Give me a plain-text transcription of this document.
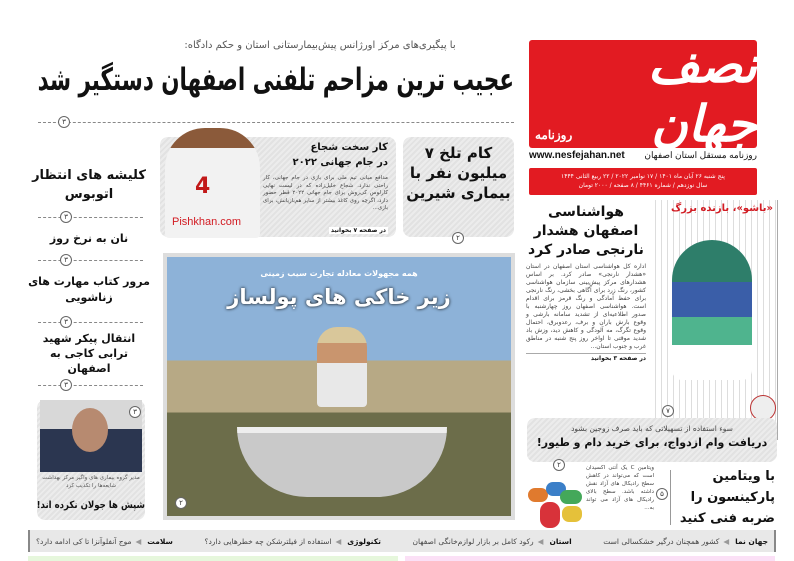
نصف جهان
روزنامه
روزنامه مستقل استان اصفهان
www.nesfejahan.net
پنج شنبه ۲۶ آبان ماه ۱۴۰۱ / ۱۷ نوامبر ۲۰۲۲ / ۲۲ ربیع الثانی ۱۴۴۴
سال نوزدهم / شماره ۴۴۶۱ / ۸ صفحه / ۲۰۰۰ تومان
با پیگیری‌های مرکز اورژانس پیش‌بیمارستانی استان و حکم دادگاه:
عجیب ترین مزاحم تلفنی اصفهان دستگیر شد
۳
کلیشه های انتظار اتوبوس
۳
نان به نرخ روز
۳
مرور کتاب مهارت های زناشویی
۳
انتقال پیکر شهید ترابی کاجی به اصفهان
۳
۳
مدیر گروه بیماری های واگیر مرکز بهداشت شایعه‌ها را تکذیب کرد
شپش ها جولان نکرده اند!
کار سخت شجاع
در جام جهانی ۲۰۲۲
مدافع میانی تیم ملی برای بازی در جام جهانی، کار راحتی ندارد. شجاع خلیل‌زاده که در لیست نهایی کارلوس کی‌روش برای جام جهانی ۲۰۲۲ قطر حضور دارد، اگرچه روی کاغذ بیشتر از سایر هم‌بازیانش، برای بازی...
در صفحه ۷ بخوانید
4
Pishkhan.com
کام تلخ ۷ میلیون نفر با بیماری شیرین
۲
همه مجهولات معادله تجارت سیب زمینی
زیر خاکی های پولساز
۲
هواشناسی اصفهان هشدار نارنجی صادر کرد
اداره کل هواشناسی استان اصفهان در استان «هشدار نارنجی» صادر کرد. بر اساس هشدارهای مرکز پیش‌بینی سازمان هواشناسی کشور، رنگ زرد برای آگاهی بخشی، رنگ نارنجی برای حفظ آمادگی و رنگ قرمز برای اقدام است. هواشناسی اصفهان روز چهارشنبه با صدور اطلاعیه‌ای از تشدید سامانه بارشی و وقوع بارش باران و برف، رعدوبرق، احتمال وقوع تگرگ، مه آلودگی و کاهش دید، وزش باد شدید موقتی تا اواخر روز پنج شنبه در مناطق غرب و جنوب استان...
در صفحه ۳ بخوانید
«باشو»، بازنده بزرگ
۷
سوء استفاده از تسهیلاتی که باید صرف زوجین بشود
دریافت وام ازدواج، برای خرید دام و طیور!
۲
با ویتامین پارکینسون را ضربه فنی کنید
۵
ویتامین C یک آنتی اکسیدان است که می‌تواند در کاهش سطح رادیکال های آزاد نقش داشته باشد. سطح بالای رادیکال های آزاد می تواند به...
جهان نما
◀
کشور همچنان درگیر خشکسالی است
استان
◀
رکود کامل بر بازار لوازم‌خانگی اصفهان
تکنولوژی
◀
استفاده از فیلترشکن چه خطرهایی دارد؟
سلامت
◀
موج آنفلوآنزا تا کی ادامه دارد؟
